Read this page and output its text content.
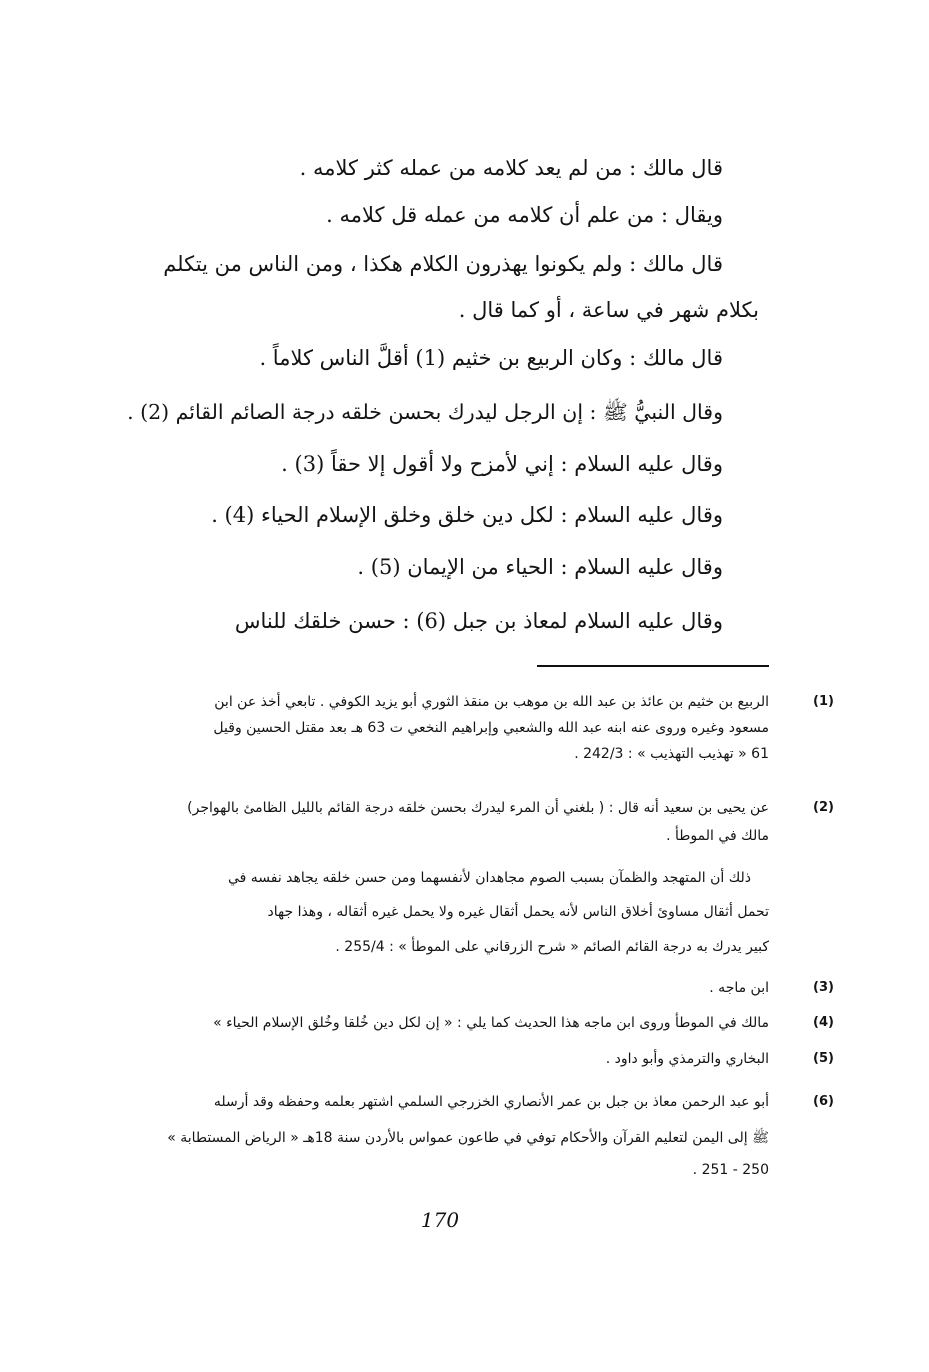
قال مالك : من لم يعد كلامه من عمله كثر كلامه .
ويقال : من علم أن كلامه من عمله قل كلامه .
قال مالك : ولم يكونوا يهذرون الكلام هكذا ، ومن الناس من يتكلم
بكلام شهر في ساعة ، أو كما قال .
قال مالك : وكان الربيع بن خثيم (1) أقلَّ الناس كلاماً .
وقال النبيُّ ﷺ : إن الرجل ليدرك بحسن خلقه درجة الصائم القائم (2) .
وقال عليه السلام : إني لأمزح ولا أقول إلا حقاً (3) .
وقال عليه السلام : لكل دين خلق وخلق الإسلام الحياء (4) .
وقال عليه السلام : الحياء من الإيمان (5) .
وقال عليه السلام لمعاذ بن جبل (6) : حسن خلقك للناس
(1)
الربيع بن خثيم بن عائذ بن عبد الله بن موهب بن منقذ الثوري أبو يزيد الكوفي . تابعي أخذ عن ابن
مسعود وغيره وروى عنه ابنه عبد الله والشعبي وإبراهيم النخعي ت 63 هـ بعد مقتل الحسين وقيل
61 « تهذيب التهذيب » : 242/3 .
(2)
عن يحيى بن سعيد أنه قال : ( بلغني أن المرء ليدرك بحسن خلقه درجة القائم بالليل الظامئ بالهواجر)
مالك في الموطأ .
ذلك أن المتهجد والظمآن بسبب الصوم مجاهدان لأنفسهما ومن حسن خلقه يجاهد نفسه في
تحمل أثقال مساوئ أخلاق الناس لأنه يحمل أثقال غيره ولا يحمل غيره أثقاله ، وهذا جهاد
كبير يدرك به درجة القائم الصائم « شرح الزرقاني على الموطأ » : 255/4 .
(3)
ابن ماجه .
(4)
مالك في الموطأ وروى ابن ماجه هذا الحديث كما يلي : « إن لكل دين خُلقا وخُلق الإسلام الحياء »
(5)
البخاري والترمذي وأبو داود .
(6)
أبو عبد الرحمن معاذ بن جبل بن عمر الأنصاري الخزرجي السلمي اشتهر بعلمه وحفظه وقد أرسله
ﷺ إلى اليمن لتعليم القرآن والأحكام توفي في طاعون عمواس بالأردن سنة 18هـ « الرياض المستطابة »
250 - 251 .
170
